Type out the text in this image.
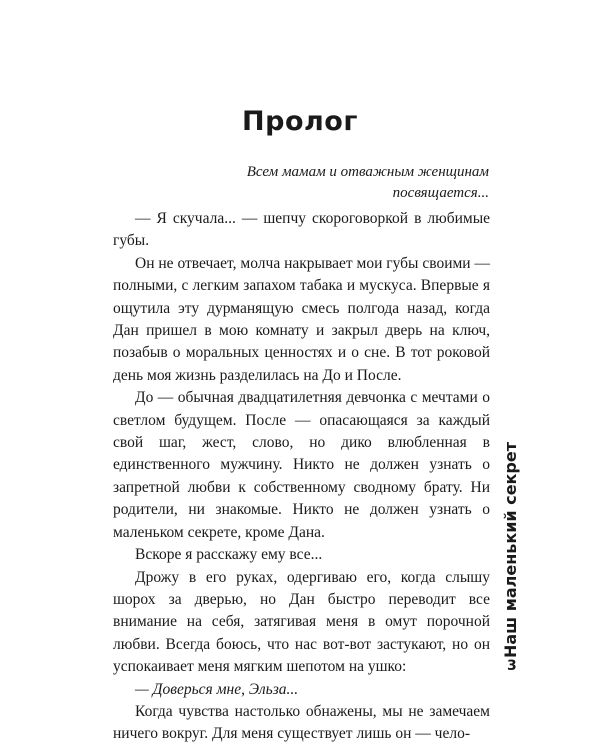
Пролог
Всем мамам и отважным женщинам
посвящается...

— Я скучала... — шепчу скороговоркой в любимые губы.

Он не отвечает, молча накрывает мои губы своими — полными, с легким запахом табака и мускуса. Впервые я ощутила эту дурманящую смесь полгода назад, когда Дан пришел в мою комнату и закрыл дверь на ключ, позабыв о моральных ценностях и о сне. В тот роковой день моя жизнь разделилась на До и После.

До — обычная двадцатилетняя девчонка с мечтами о светлом будущем. После — опасающаяся за каждый свой шаг, жест, слово, но дико влюбленная в единственного мужчину. Никто не должен узнать о запретной любви к собственному сводному брату. Ни родители, ни знакомые. Никто не должен узнать о маленьком секрете, кроме Дана.

Вскоре я расскажу ему все...

Дрожу в его руках, одергиваю его, когда слышу шорох за дверью, но Дан быстро переводит все внимание на себя, затягивая меня в омут порочной любви. Всегда боюсь, что нас вот-вот застукают, но он успокаивает меня мягким шепотом на ушко:

— Доверься мне, Эльза...

Когда чувства настолько обнажены, мы не замечаем ничего вокруг. Для меня существует лишь он — чело-

Наш маленький секрет
3
